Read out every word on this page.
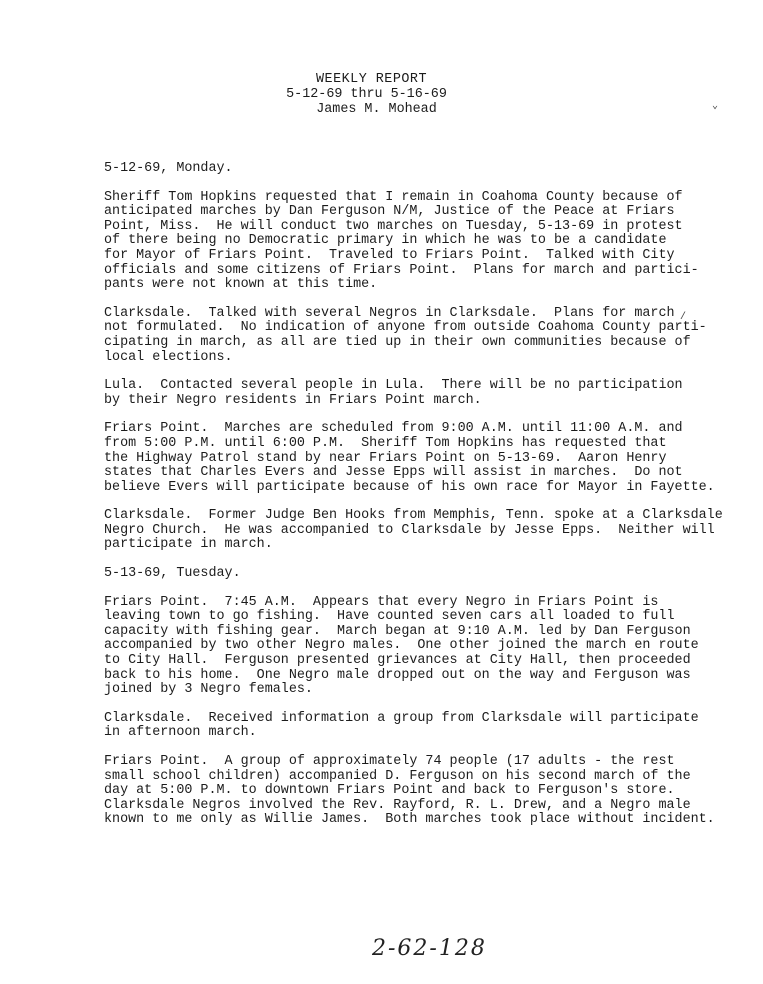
WEEKLY REPORT
5-12-69 thru 5-16-69
James M. Mohead	⌄
/

5-12-69, Monday.

Sheriff Tom Hopkins requested that I remain in Coahoma County because of

anticipated marches by Dan Ferguson N/M, Justice of the Peace at Friars

Point, Miss.  He will conduct two marches on Tuesday, 5-13-69 in protest

of there being no Democratic primary in which he was to be a candidate

for Mayor of Friars Point.  Traveled to Friars Point.  Talked with City

officials and some citizens of Friars Point.  Plans for march and partici-

pants were not known at this time.

Clarksdale.  Talked with several Negros in Clarksdale.  Plans for march

not formulated.  No indication of anyone from outside Coahoma County parti-

cipating in march, as all are tied up in their own communities because of

local elections.

Lula.  Contacted several people in Lula.  There will be no participation

by their Negro residents in Friars Point march.

Friars Point.  Marches are scheduled from 9:00 A.M. until 11:00 A.M. and

from 5:00 P.M. until 6:00 P.M.  Sheriff Tom Hopkins has requested that

the Highway Patrol stand by near Friars Point on 5-13-69.  Aaron Henry

states that Charles Evers and Jesse Epps will assist in marches.  Do not

believe Evers will participate because of his own race for Mayor in Fayette.

Clarksdale.  Former Judge Ben Hooks from Memphis, Tenn. spoke at a Clarksdale

Negro Church.  He was accompanied to Clarksdale by Jesse Epps.  Neither will

participate in march.

5-13-69, Tuesday.

Friars Point.  7:45 A.M.  Appears that every Negro in Friars Point is

leaving town to go fishing.  Have counted seven cars all loaded to full

capacity with fishing gear.  March began at 9:10 A.M. led by Dan Ferguson

accompanied by two other Negro males.  One other joined the march en route

to City Hall.  Ferguson presented grievances at City Hall, then proceeded

back to his home.  One Negro male dropped out on the way and Ferguson was

joined by 3 Negro females.

Clarksdale.  Received information a group from Clarksdale will participate

in afternoon march.

Friars Point.  A group of approximately 74 people (17 adults - the rest

small school children) accompanied D. Ferguson on his second march of the

day at 5:00 P.M. to downtown Friars Point and back to Ferguson's store.

Clarksdale Negros involved the Rev. Rayford, R. L. Drew, and a Negro male

known to me only as Willie James.  Both marches took place without incident.

2-62-128
